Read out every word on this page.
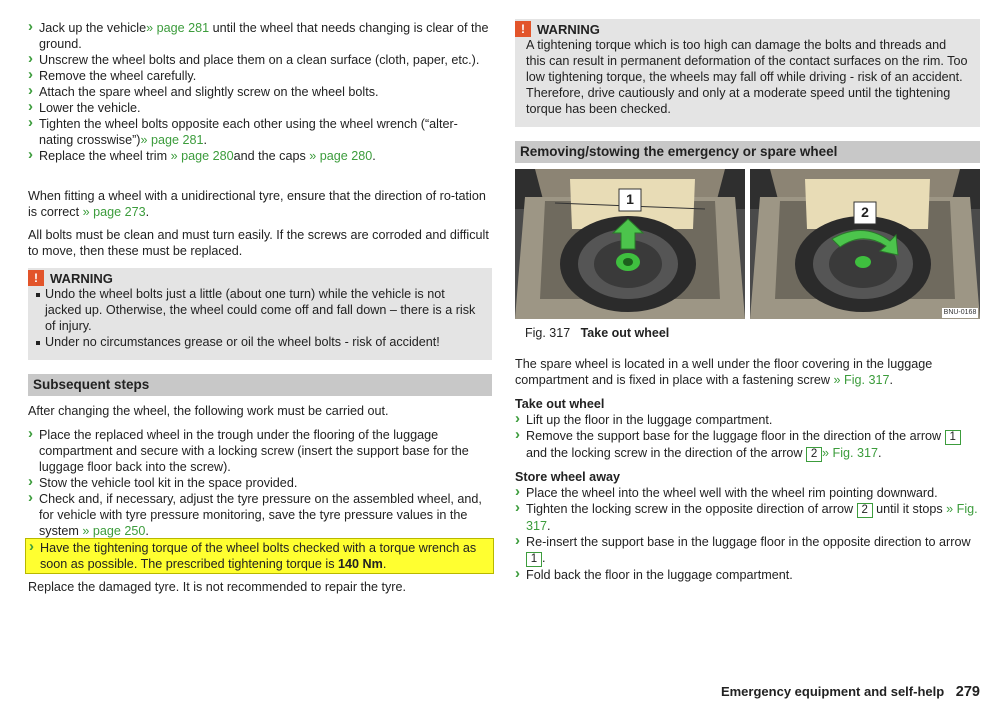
› Jack up the vehicle» page 281 until the wheel that needs changing is clear of the ground.

› Unscrew the wheel bolts and place them on a clean surface (cloth, paper, etc.).

› Remove the wheel carefully.

› Attach the spare wheel and slightly screw on the wheel bolts.

› Lower the vehicle.

› Tighten the wheel bolts opposite each other using the wheel wrench (“alter-nating crosswise”)» page 281.

› Replace the wheel trim » page 280and the caps » page 280.

When fitting a wheel with a unidirectional tyre, ensure that the direction of ro-tation is correct » page 273.

All bolts must be clean and must turn easily. If the screws are corroded and difficult to move, then these must be replaced.

! WARNING

Undo the wheel bolts just a little (about one turn) while the vehicle is not jacked up. Otherwise, the wheel could come off and fall down – there is a risk of injury.

Under no circumstances grease or oil the wheel bolts - risk of accident!

Subsequent steps

After changing the wheel, the following work must be carried out.

› Place the replaced wheel in the trough under the flooring of the luggage compartment and secure with a locking screw (insert the support base for the luggage floor back into the screw).

› Stow the vehicle tool kit in the space provided.

› Check and, if necessary, adjust the tyre pressure on the assembled wheel, and, for vehicle with tyre pressure monitoring, save the tyre pressure values in the system » page 250.

› Have the tightening torque of the wheel bolts checked with a torque wrench as soon as possible. The prescribed tightening torque is 140 Nm.

Replace the damaged tyre. It is not recommended to repair the tyre.

! WARNING

A tightening torque which is too high can damage the bolts and threads and this can result in permanent deformation of the contact surfaces on the rim. Too low tightening torque, the wheels may fall off while driving - risk of an accident. Therefore, drive cautiously and only at a moderate speed until the tightening torque has been checked.

Removing/stowing the emergency or spare wheel
1
2
BNU-0168
Fig. 317 Take out wheel

The spare wheel is located in a well under the floor covering in the luggage compartment and is fixed in place with a fastening screw » Fig. 317.

Take out wheel

› Lift up the floor in the luggage compartment.

› Remove the support base for the luggage floor in the direction of the arrow 1 and the locking screw in the direction of the arrow 2 » Fig. 317.

Store wheel away

› Place the wheel into the wheel well with the wheel rim pointing downward.

› Tighten the locking screw in the opposite direction of arrow 2 until it stops » Fig. 317.

› Re-insert the support base in the luggage floor in the opposite direction to arrow 1 .

› Fold back the floor in the luggage compartment.

Emergency equipment and self-help 279
